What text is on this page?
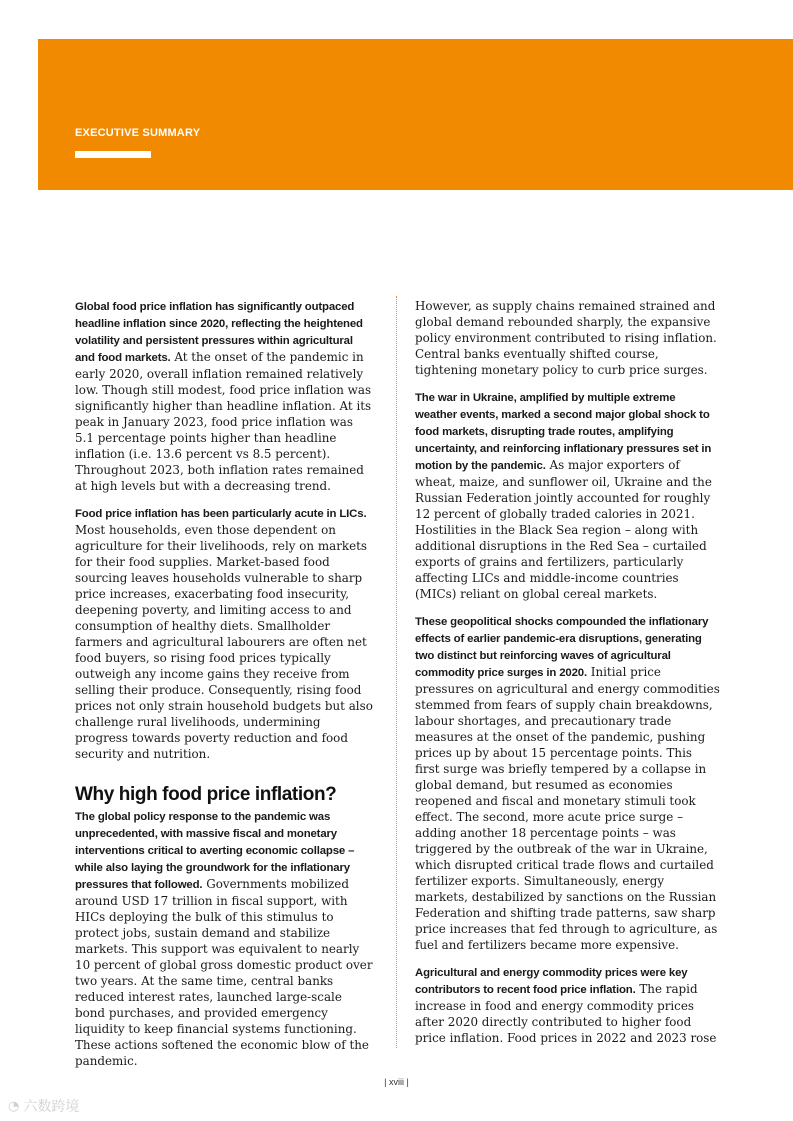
EXECUTIVE SUMMARY

Global food price inflation has significantly outpaced headline inflation since 2020, reflecting the heightened volatility and persistent pressures within agricultural and food markets. At the onset of the pandemic in early 2020, overall inflation remained relatively low. Though still modest, food price inflation was significantly higher than headline inflation. At its peak in January 2023, food price inflation was 5.1 percentage points higher than headline inflation (i.e. 13.6 percent vs 8.5 percent). Throughout 2023, both inflation rates remained at high levels but with a decreasing trend.

Food price inflation has been particularly acute in LICs. Most households, even those dependent on agriculture for their livelihoods, rely on markets for their food supplies. Market-based food sourcing leaves households vulnerable to sharp price increases, exacerbating food insecurity, deepening poverty, and limiting access to and consumption of healthy diets. Smallholder farmers and agricultural labourers are often net food buyers, so rising food prices typically outweigh any income gains they receive from selling their produce. Consequently, rising food prices not only strain household budgets but also challenge rural livelihoods, undermining progress towards poverty reduction and food security and nutrition.

Why high food price inflation?

The global policy response to the pandemic was unprecedented, with massive fiscal and monetary interventions critical to averting economic collapse – while also laying the groundwork for the inflationary pressures that followed. Governments mobilized around USD 17 trillion in fiscal support, with HICs deploying the bulk of this stimulus to protect jobs, sustain demand and stabilize markets. This support was equivalent to nearly 10 percent of global gross domestic product over two years. At the same time, central banks reduced interest rates, launched large-scale bond purchases, and provided emergency liquidity to keep financial systems functioning. These actions softened the economic blow of the pandemic.

However, as supply chains remained strained and global demand rebounded sharply, the expansive policy environment contributed to rising inflation. Central banks eventually shifted course, tightening monetary policy to curb price surges.

The war in Ukraine, amplified by multiple extreme weather events, marked a second major global shock to food markets, disrupting trade routes, amplifying uncertainty, and reinforcing inflationary pressures set in motion by the pandemic. As major exporters of wheat, maize, and sunflower oil, Ukraine and the Russian Federation jointly accounted for roughly 12 percent of globally traded calories in 2021. Hostilities in the Black Sea region – along with additional disruptions in the Red Sea – curtailed exports of grains and fertilizers, particularly affecting LICs and middle-income countries (MICs) reliant on global cereal markets.

These geopolitical shocks compounded the inflationary effects of earlier pandemic-era disruptions, generating two distinct but reinforcing waves of agricultural commodity price surges in 2020. Initial price pressures on agricultural and energy commodities stemmed from fears of supply chain breakdowns, labour shortages, and precautionary trade measures at the onset of the pandemic, pushing prices up by about 15 percentage points. This first surge was briefly tempered by a collapse in global demand, but resumed as economies reopened and fiscal and monetary stimuli took effect. The second, more acute price surge – adding another 18 percentage points – was triggered by the outbreak of the war in Ukraine, which disrupted critical trade flows and curtailed fertilizer exports. Simultaneously, energy markets, destabilized by sanctions on the Russian Federation and shifting trade patterns, saw sharp price increases that fed through to agriculture, as fuel and fertilizers became more expensive.

Agricultural and energy commodity prices were key contributors to recent food price inflation. The rapid increase in food and energy commodity prices after 2020 directly contributed to higher food price inflation. Food prices in 2022 and 2023 rose

| xviii |
◔ 六数跨境
